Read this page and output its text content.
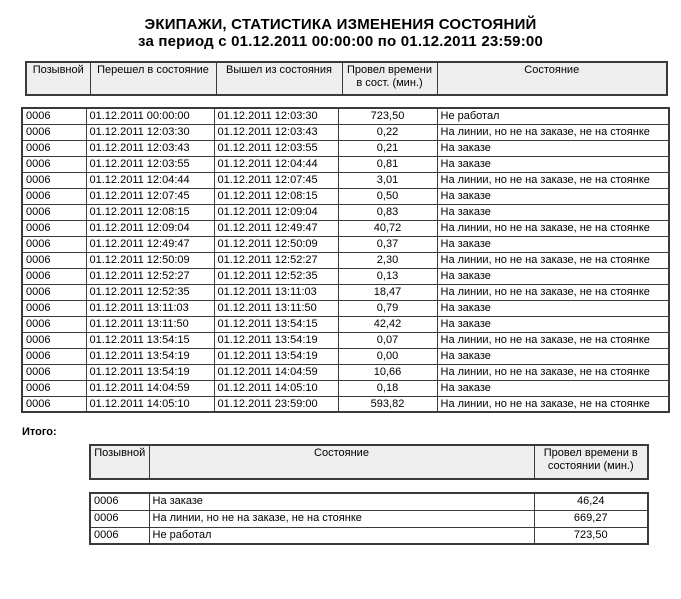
ЭКИПАЖИ, СТАТИСТИКА ИЗМЕНЕНИЯ СОСТОЯНИЙ
за период с 01.12.2011 00:00:00 по 01.12.2011 23:59:00
Позывной	Перешел в состояние	Вышел из состояния	Провел времени в сост. (мин.)	Состояние
0006	01.12.2011 00:00:00	01.12.2011 12:03:30	723,50	Не работал
0006	01.12.2011 12:03:30	01.12.2011 12:03:43	0,22	На линии, но не на заказе, не на стоянке
0006	01.12.2011 12:03:43	01.12.2011 12:03:55	0,21	На заказе
0006	01.12.2011 12:03:55	01.12.2011 12:04:44	0,81	На заказе
0006	01.12.2011 12:04:44	01.12.2011 12:07:45	3,01	На линии, но не на заказе, не на стоянке
0006	01.12.2011 12:07:45	01.12.2011 12:08:15	0,50	На заказе
0006	01.12.2011 12:08:15	01.12.2011 12:09:04	0,83	На заказе
0006	01.12.2011 12:09:04	01.12.2011 12:49:47	40,72	На линии, но не на заказе, не на стоянке
0006	01.12.2011 12:49:47	01.12.2011 12:50:09	0,37	На заказе
0006	01.12.2011 12:50:09	01.12.2011 12:52:27	2,30	На линии, но не на заказе, не на стоянке
0006	01.12.2011 12:52:27	01.12.2011 12:52:35	0,13	На заказе
0006	01.12.2011 12:52:35	01.12.2011 13:11:03	18,47	На линии, но не на заказе, не на стоянке
0006	01.12.2011 13:11:03	01.12.2011 13:11:50	0,79	На заказе
0006	01.12.2011 13:11:50	01.12.2011 13:54:15	42,42	На заказе
0006	01.12.2011 13:54:15	01.12.2011 13:54:19	0,07	На линии, но не на заказе, не на стоянке
0006	01.12.2011 13:54:19	01.12.2011 13:54:19	0,00	На заказе
0006	01.12.2011 13:54:19	01.12.2011 14:04:59	10,66	На линии, но не на заказе, не на стоянке
0006	01.12.2011 14:04:59	01.12.2011 14:05:10	0,18	На заказе
0006	01.12.2011 14:05:10	01.12.2011 23:59:00	593,82	На линии, но не на заказе, не на стоянке
Итого:
Позывной	Состояние	Провел времени в состоянии (мин.)
0006	На заказе	46,24
0006	На линии, но не на заказе, не на стоянке	669,27
0006	Не работал	723,50
